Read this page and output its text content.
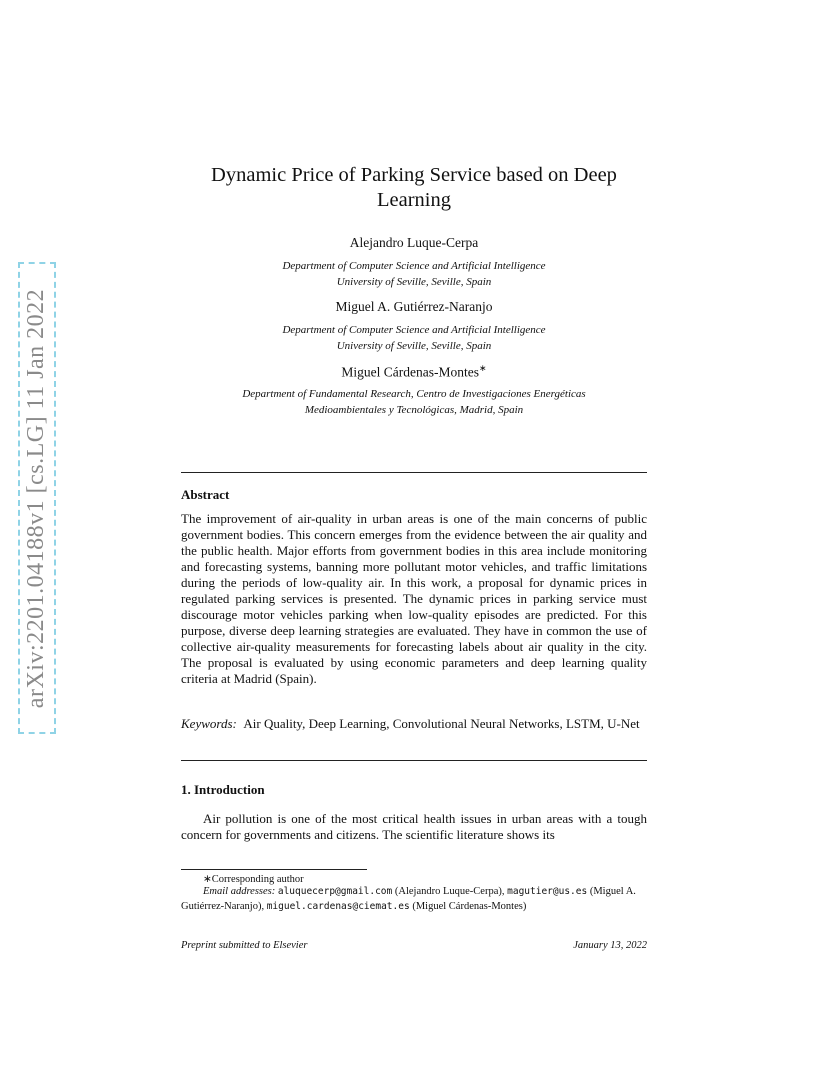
arXiv:2201.04188v1 [cs.LG] 11 Jan 2022
Dynamic Price of Parking Service based on Deep Learning
Alejandro Luque-Cerpa
Department of Computer Science and Artificial Intelligence
University of Seville, Seville, Spain
Miguel A. Gutiérrez-Naranjo
Department of Computer Science and Artificial Intelligence
University of Seville, Seville, Spain
Miguel Cárdenas-Montes∗
Department of Fundamental Research, Centro de Investigaciones Energéticas
Medioambientales y Tecnológicas, Madrid, Spain
Abstract
The improvement of air-quality in urban areas is one of the main concerns of public government bodies. This concern emerges from the evidence between the air quality and the public health. Major efforts from government bodies in this area include monitoring and forecasting systems, banning more pollutant motor vehicles, and traffic limitations during the periods of low-quality air. In this work, a proposal for dynamic prices in regulated parking services is presented. The dynamic prices in parking service must discourage motor vehicles parking when low-quality episodes are predicted. For this purpose, diverse deep learning strategies are evaluated. They have in common the use of collective air-quality measurements for forecasting labels about air quality in the city. The proposal is evaluated by using economic parameters and deep learning quality criteria at Madrid (Spain).
Keywords: Air Quality, Deep Learning, Convolutional Neural Networks, LSTM, U-Net
1. Introduction
Air pollution is one of the most critical health issues in urban areas with a tough concern for governments and citizens. The scientific literature shows its
∗Corresponding author
Email addresses: aluquecerp@gmail.com (Alejandro Luque-Cerpa), magutier@us.es (Miguel A. Gutiérrez-Naranjo), miguel.cardenas@ciemat.es (Miguel Cárdenas-Montes)
Preprint submitted to Elsevier	January 13, 2022
